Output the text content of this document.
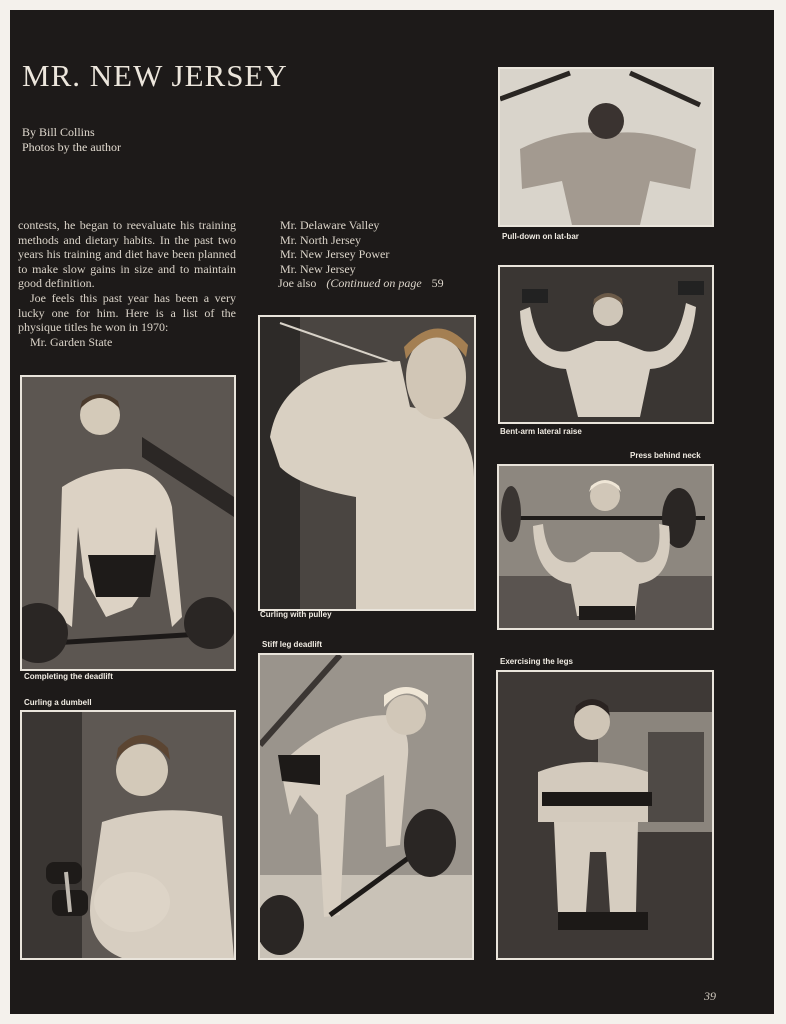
MR. NEW JERSEY
By Bill Collins
Photos by the author

contests, he began to reevaluate his training methods and dietary habits. In the past two years his training and diet have been planned to make slow gains in size and to maintain good definition.

Joe feels this past year has been a very lucky one for him. Here is a list of the physique titles he won in 1970:

Mr. Garden State

Mr. Delaware Valley
Mr. North Jersey
Mr. New Jersey Power
Mr. New Jersey
Joe also (Continued on page 59
Pull-down on lat-bar
Bent-arm lateral raise
Press behind neck
Curling with pulley
Completing the deadlift
Curling a dumbell
Stiff leg deadlift
Exercising the legs
39
